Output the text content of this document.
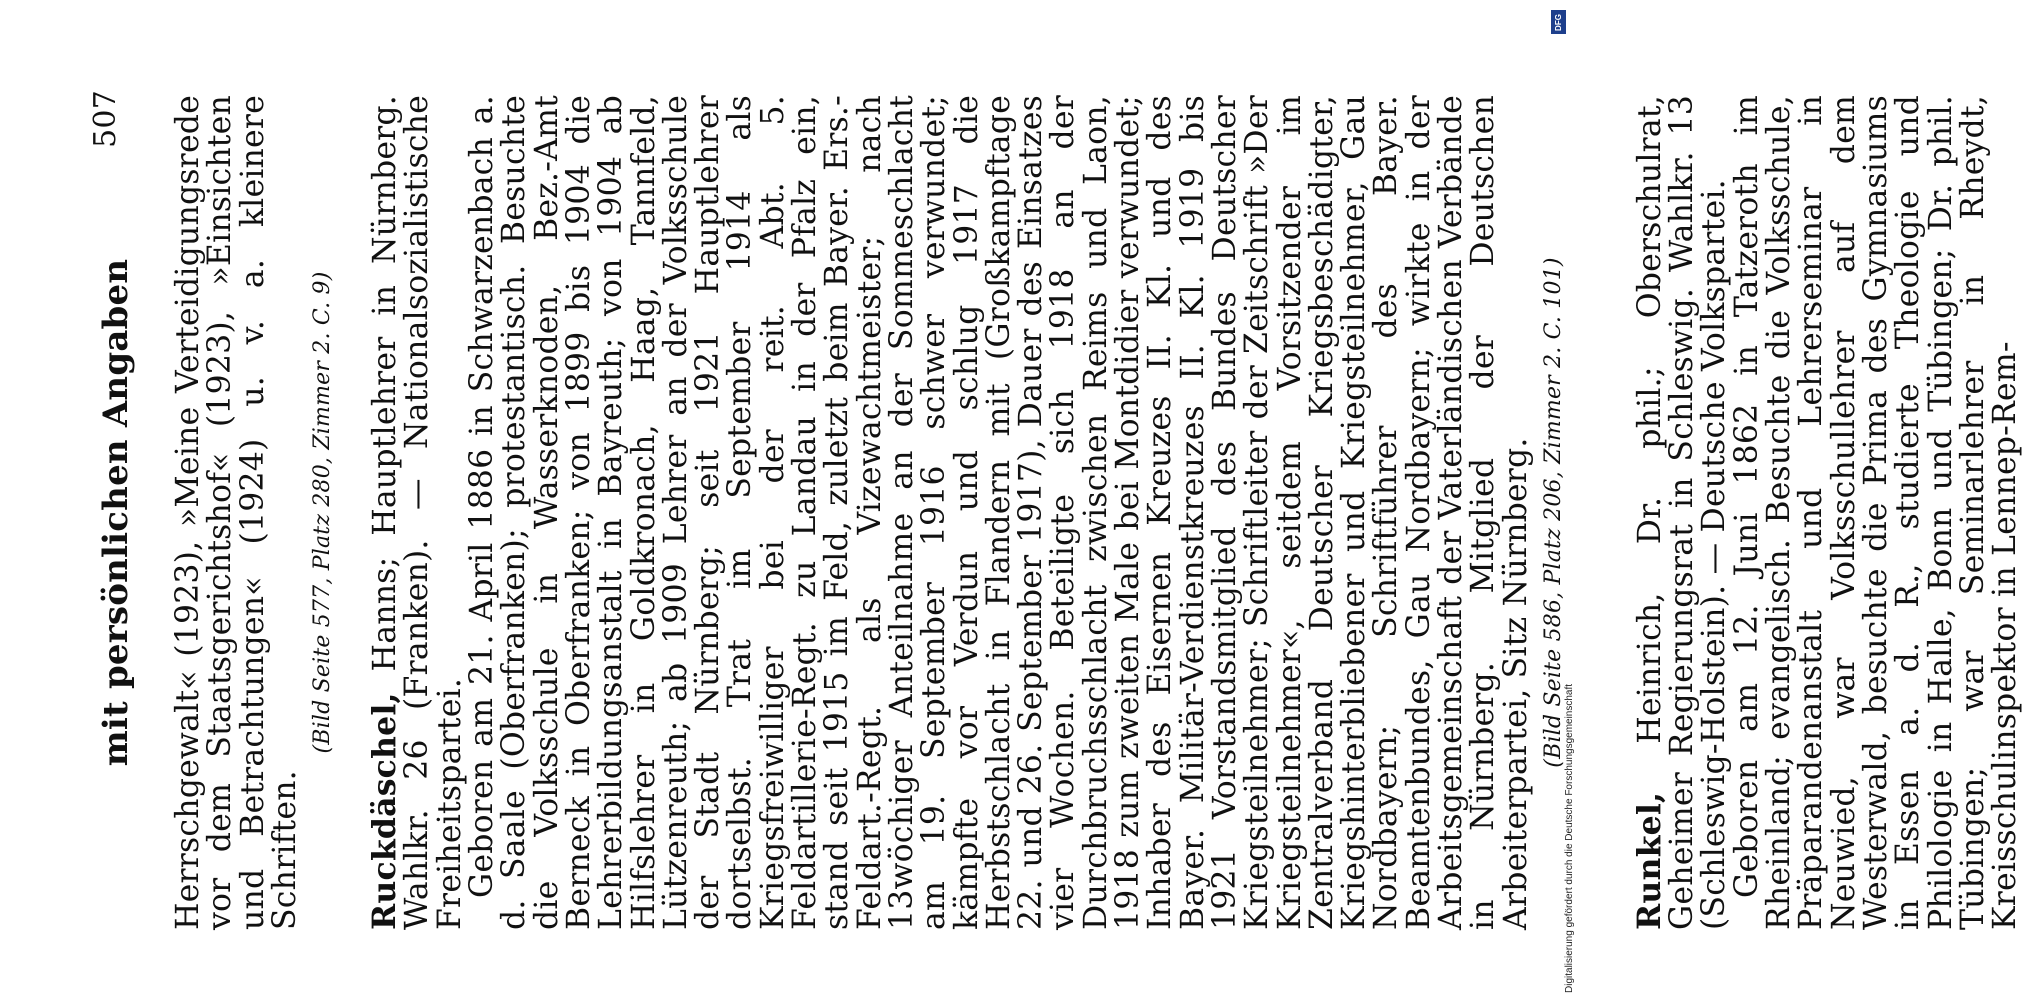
mit persönlichen Angaben
507 Herrschgewalt« (1923), »Meine Verteidigungsrede vor dem Staatsgerichtshof« (1923), »Einsichten und Betrachtungen« (1924) u. v. a. kleinere Schriften.

(Bild Seite 577, Platz 280, Zimmer 2. C. 9)

Ruckdäschel, Hanns; Hauptlehrer in Nürnberg. Wahlkr. 26 (Franken). — Nationalsozialistische Freiheitspartei.

Geboren am 21. April 1886 in Schwarzenbach a. d. Saale (Oberfranken); protestantisch. Besuchte die Volksschule in Wasserknoden, Bez.-Amt Berneck in Oberfranken; von 1899 bis 1904 die Lehrerbildungsanstalt in Bayreuth; von 1904 ab Hilfslehrer in Goldkronach, Haag, Tannfeld, Lützenreuth; ab 1909 Lehrer an der Volksschule der Stadt Nürnberg; seit 1921 Hauptlehrer dortselbst. Trat im September 1914 als Kriegsfreiwilliger bei der reit. Abt. 5. Feldartillerie-Regt. zu Landau in der Pfalz ein, stand seit 1915 im Feld, zuletzt beim Bayer. Ers.-Feldart.-Regt. als Vizewachtmeister; nach 13wöchiger Anteilnahme an der Sommeschlacht am 19. September 1916 schwer verwundet; kämpfte vor Verdun und schlug 1917 die Herbstschlacht in Flandern mit (Großkampftage 22. und 26. September 1917), Dauer des Einsatzes vier Wochen. Beteiligte sich 1918 an der Durchbruchsschlacht zwischen Reims und Laon, 1918 zum zweiten Male bei Montdidier verwundet; Inhaber des Eisernen Kreuzes II. Kl. und des Bayer. Militär-Verdienstkreuzes II. Kl. 1919 bis 1921 Vorstandsmitglied des Bundes Deutscher Kriegsteilnehmer; Schriftleiter der Zeitschrift »Der Kriegsteilnehmer«, seitdem Vorsitzender im Zentralverband Deutscher Kriegsbeschädigter, Kriegshinterbliebener und Kriegsteilnehmer, Gau Nordbayern; Schriftführer des Bayer. Beamtenbundes, Gau Nordbayern; wirkte in der Arbeitsgemeinschaft der Vaterländischen Verbände in Nürnberg. Mitglied der Deutschen Arbeiterpartei, Sitz Nürnberg. (Bild Seite 586, Platz 206, Zimmer 2. C. 101)

Runkel, Heinrich, Dr. phil.; Oberschulrat, Geheimer Regierungsrat in Schleswig. Wahlkr. 13 (Schleswig-Holstein). — Deutsche Volkspartei.

Geboren am 12. Juni 1862 in Tatzeroth im Rheinland; evangelisch. Besuchte die Volksschule, Präparandenanstalt und Lehrerseminar in Neuwied, war Volksschullehrer auf dem Westerwald, besuchte die Prima des Gymnasiums in Essen a. d. R., studierte Theologie und Philologie in Halle, Bonn und Tübingen; Dr. phil. Tübingen; war Seminarlehrer in Rheydt, Kreisschulinspektor in Lennep-Rem-

DFG
Digitalisierung gefördert durch die Deutsche Forschungsgemeinschaft
